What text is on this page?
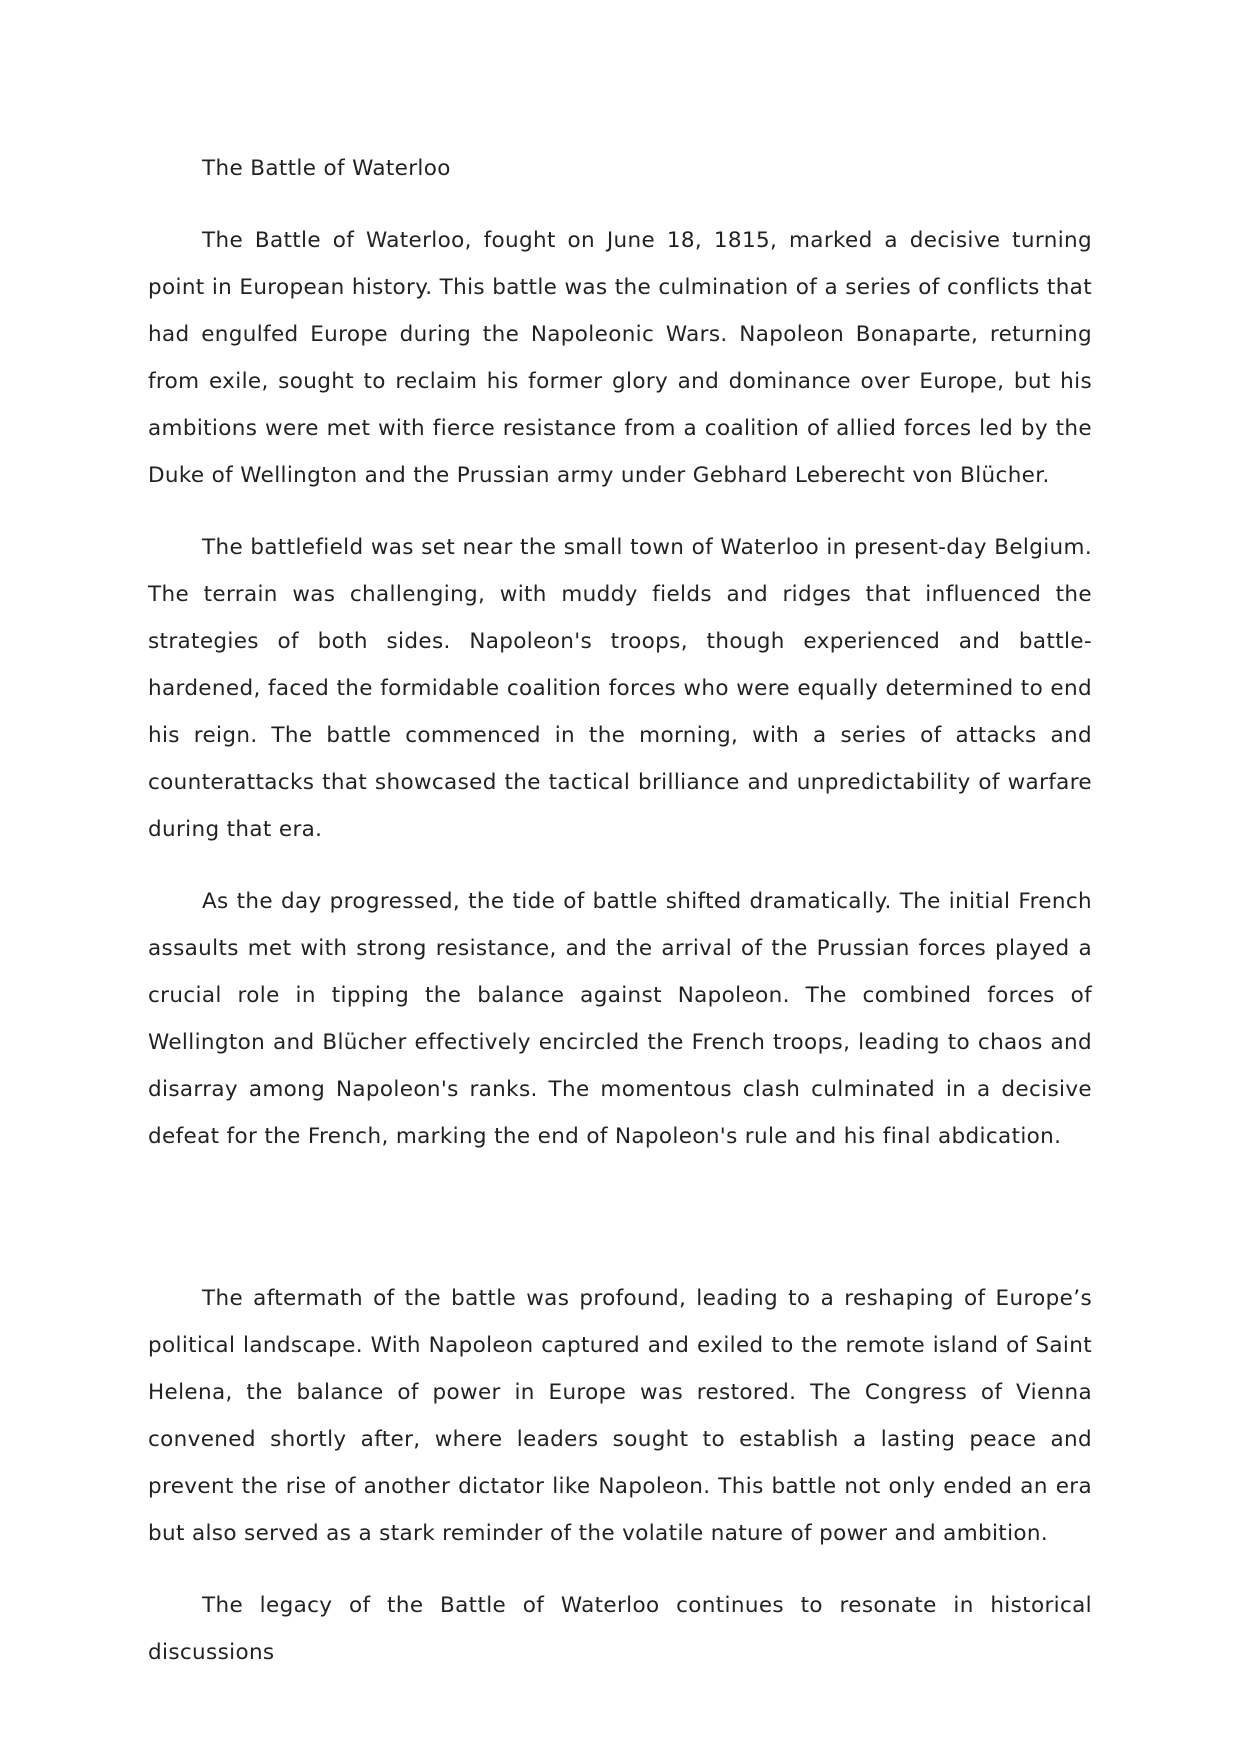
The Battle of Waterloo

The Battle of Waterloo, fought on June 18, 1815, marked a decisive turning point in European history. This battle was the culmination of a series of conflicts that had engulfed Europe during the Napoleonic Wars. Napoleon Bonaparte, returning from exile, sought to reclaim his former glory and dominance over Europe, but his ambitions were met with fierce resistance from a coalition of allied forces led by the Duke of Wellington and the Prussian army under Gebhard Leberecht von Blücher.

The battlefield was set near the small town of Waterloo in present-day Belgium. The terrain was challenging, with muddy fields and ridges that influenced the strategies of both sides. Napoleon's troops, though experienced and battle-hardened, faced the formidable coalition forces who were equally determined to end his reign. The battle commenced in the morning, with a series of attacks and counterattacks that showcased the tactical brilliance and unpredictability of warfare during that era.

As the day progressed, the tide of battle shifted dramatically. The initial French assaults met with strong resistance, and the arrival of the Prussian forces played a crucial role in tipping the balance against Napoleon. The combined forces of Wellington and Blücher effectively encircled the French troops, leading to chaos and disarray among Napoleon's ranks. The momentous clash culminated in a decisive defeat for the French, marking the end of Napoleon's rule and his final abdication.

The aftermath of the battle was profound, leading to a reshaping of Europe’s political landscape. With Napoleon captured and exiled to the remote island of Saint Helena, the balance of power in Europe was restored. The Congress of Vienna convened shortly after, where leaders sought to establish a lasting peace and prevent the rise of another dictator like Napoleon. This battle not only ended an era but also served as a stark reminder of the volatile nature of power and ambition.

The legacy of the Battle of Waterloo continues to resonate in historical discussions
